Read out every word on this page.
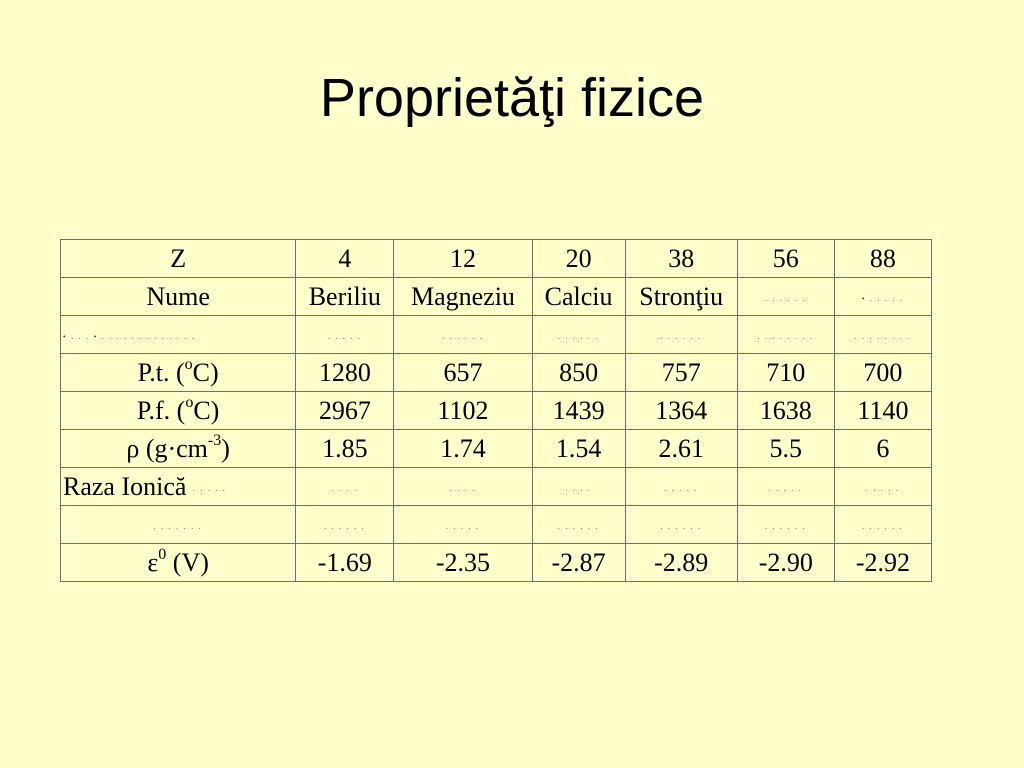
Proprietăţi fizice
Z	4	12	20	38	56	88
Nume	Beriliu	Magneziu	Calciu	Stronţiu	. . . . . .	• . . . . .
• . . . • . . . . . . . . . . . . .	. . . . .	. . . . . .	. . . . . .	. . . . . .	. . . . . . . .	. . . . . . . .
P.t. ($^o$C)	1280	657	850	757	710	700
P.f. ($^o$C)	2967	1102	1439	1364	1638	1140
ρ $(g\cdot cm^{-3})$	1.85	1.74	1.54	2.61	5.5	6
Raza Ionică . . . . .	. . . .	. . . .	. . . .	. . . . .	. . . . .	. . . . .
. . . . . . .	. . . . . .	. . . . .	. . . . . .	. . . . . .	. . . . . .	. . . . . .
$\varepsilon^0$ (V)	-1.69	-2.35	-2.87	-2.89	-2.90	-2.92
